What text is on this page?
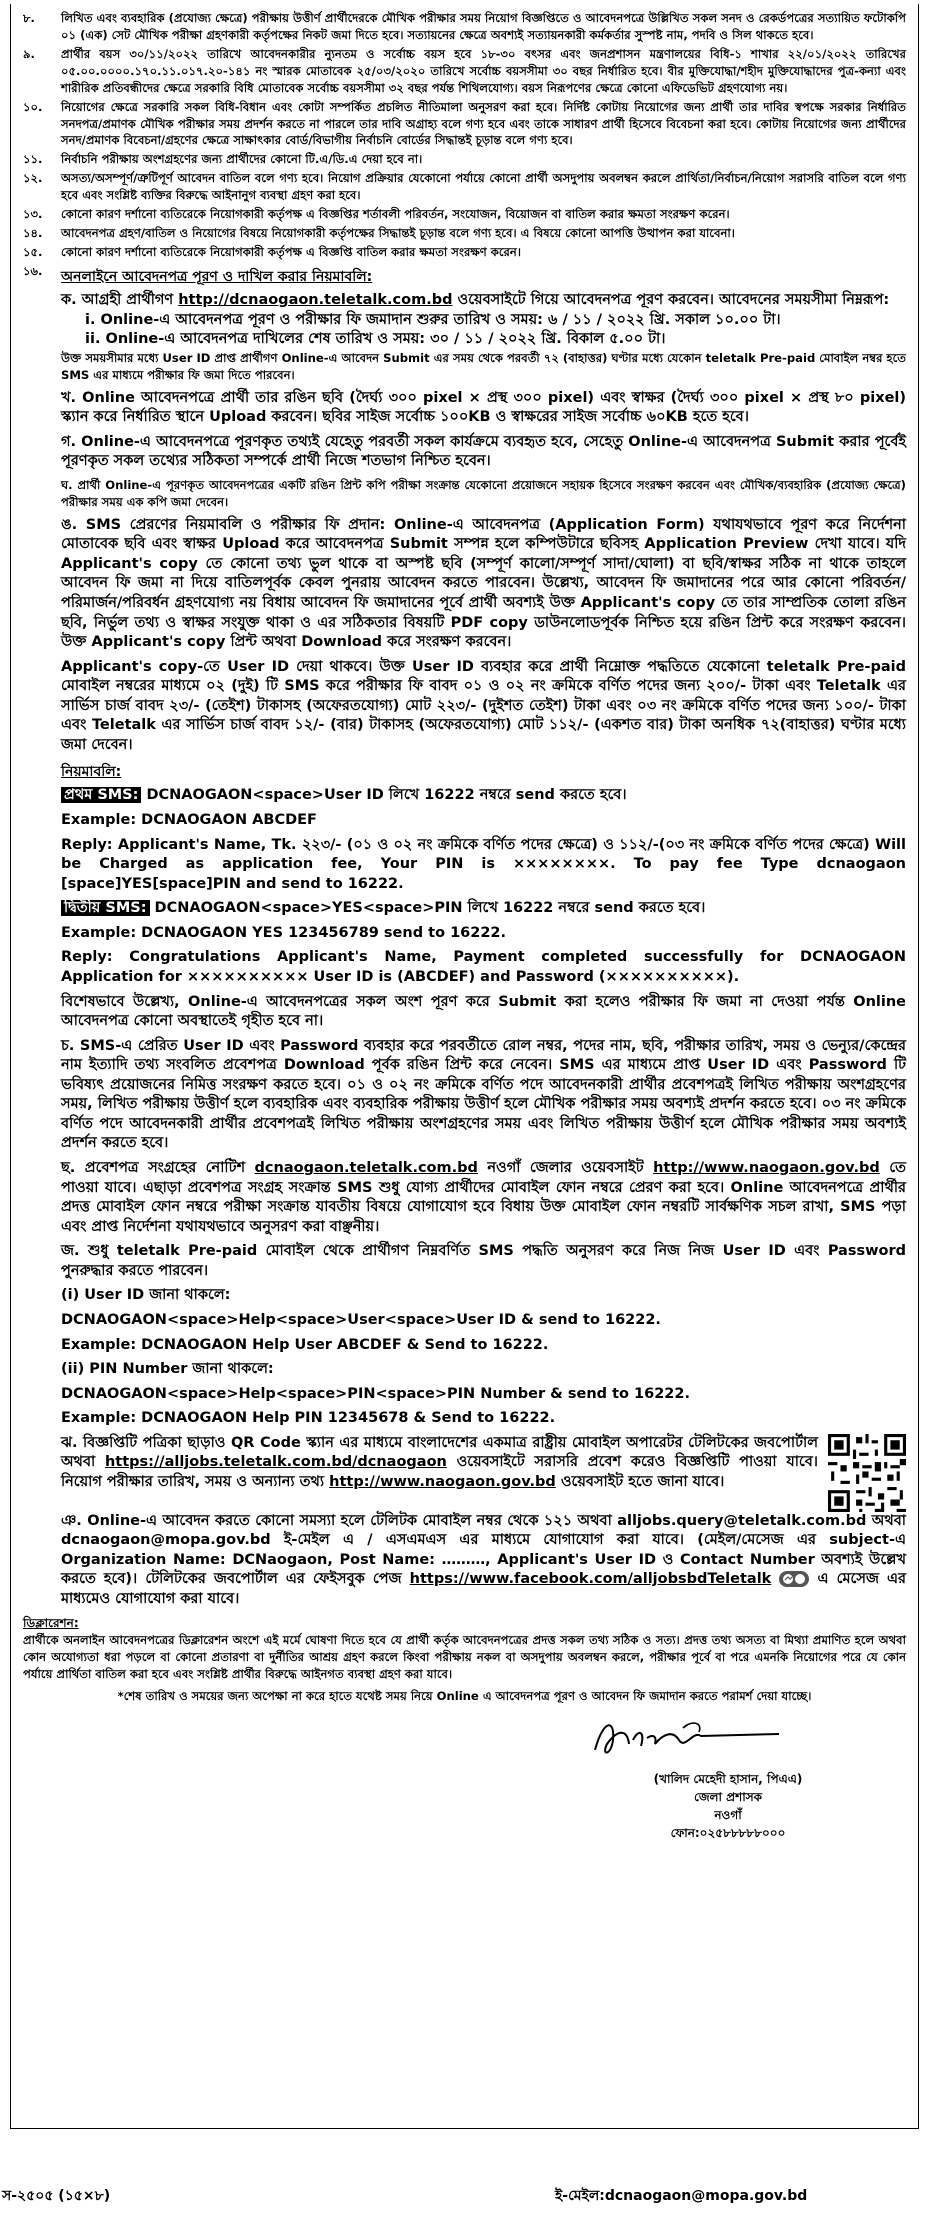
৮.	লিখিত এবং ব্যবহারিক (প্রযোজ্য ক্ষেত্রে) পরীক্ষায় উত্তীর্ণ প্রার্থীদেরকে মৌখিক পরীক্ষার সময় নিয়োগ বিজ্ঞপ্তিতে ও আবেদনপত্রে উল্লিখিত সকল সনদ ও রেকর্ডপত্রের সত্যায়িত ফটোকপি ০১ (এক) সেট মৌখিক পরীক্ষা গ্রহণকারী কর্তৃপক্ষের নিকট জমা দিতে হবে। সত্যায়নের ক্ষেত্রে অবশ্যই সত্যায়নকারী কর্মকর্তার সুস্পষ্ট নাম, পদবি ও সিল থাকতে হবে।
৯.	প্রার্থীর বয়স ৩০/১১/২০২২ তারিখে আবেদনকারীর ন্যুনতম ও সর্বোচ্চ বয়স হবে ১৮-৩০ বৎসর এবং জনপ্রশাসন মন্ত্রণালয়ের বিধি-১ শাখার ২২/০১/২০২২ তারিখের ০৫.০০.০০০০.১৭০.১১.০১৭.২০-১৪১ নং স্মারক মোতাবেক ২৫/০৩/২০২০ তারিখে সর্বোচ্চ বয়সসীমা ৩০ বছর নির্ধারিত হবে। বীর মুক্তিযোদ্ধা/শহীদ মুক্তিযোদ্ধাদের পুত্র-কন্যা এবং শারীরিক প্রতিবন্ধীদের ক্ষেত্রে সরকারি বিধি মোতাবেক সর্বোচ্চ বয়সসীমা ৩২ বছর পর্যন্ত শিথিলযোগ্য। বয়স নিরূপণের ক্ষেত্রে কোনো এফিডেভিট গ্রহণযোগ্য নয়।
১০.	নিয়োগের ক্ষেত্রে সরকারি সকল বিধি-বিধান এবং কোটা সম্পর্কিত প্রচলিত নীতিমালা অনুসরণ করা হবে। নির্দিষ্ট কোটায় নিয়োগের জন্য প্রার্থী তার দাবির স্বপক্ষে সরকার নির্ধারিত সনদপত্র/প্রমাণক মৌখিক পরীক্ষার সময় প্রদর্শন করতে না পারলে তার দাবি অগ্রাহ্য বলে গণ্য হবে এবং তাকে সাধারণ প্রার্থী হিসেবে বিবেচনা করা হবে। কোটায় নিয়োগের জন্য প্রার্থীদের সনদ/প্রমাণক বিবেচনা/গ্রহণের ক্ষেত্রে সাক্ষাৎকার বোর্ড/বিভাগীয় নির্বাচনি বোর্ডের সিদ্ধান্তই চূড়ান্ত বলে গণ্য হবে।
১১.	নির্বাচনি পরীক্ষায় অংশগ্রহণের জন্য প্রার্থীদের কোনো টি.এ/ডি.এ দেয়া হবে না।
১২.	অসত্য/অসম্পূর্ণ/ত্রুটিপূর্ণ আবেদন বাতিল বলে গণ্য হবে। নিয়োগ প্রক্রিয়ার যেকোনো পর্যায়ে কোনো প্রার্থী অসদুপায় অবলম্বন করলে প্রার্থিতা/নির্বাচন/নিয়োগ সরাসরি বাতিল বলে গণ্য হবে এবং সংশ্লিষ্ট ব্যক্তির বিরুদ্ধে আইনানুগ ব্যবস্থা গ্রহণ করা হবে।
১৩.	কোনো কারণ দর্শানো ব্যতিরেকে নিয়োগকারী কর্তৃপক্ষ এ বিজ্ঞপ্তির শর্তাবলী পরিবর্তন, সংযোজন, বিয়োজন বা বাতিল করার ক্ষমতা সংরক্ষণ করেন।
১৪.	আবেদনপত্র গ্রহণ/বাতিল ও নিয়োগের বিষয়ে নিয়োগকারী কর্তৃপক্ষের সিদ্ধান্তই চূড়ান্ত বলে গণ্য হবে। এ বিষয়ে কোনো আপত্তি উত্থাপন করা যাবেনা।
১৫.	কোনো কারণ দর্শানো ব্যতিরেকে নিয়োগকারী কর্তৃপক্ষ এ বিজ্ঞপ্তি বাতিল করার ক্ষমতা সংরক্ষণ করেন।
১৬.	অনলাইনে আবেদনপত্র পূরণ ও দাখিল করার নিয়মাবলি:
ক. আগ্রহী প্রার্থীগণ http://dcnaogaon.teletalk.com.bd ওয়েবসাইটে গিয়ে আবেদনপত্র পূরণ করবেন। আবেদনের সময়সীমা নিম্নরূপ:
i. Online-এ আবেদনপত্র পূরণ ও পরীক্ষার ফি জমাদান শুরুর তারিখ ও সময়: ৬ / ১১ / ২০২২ খ্রি. সকাল ১০.০০ টা।
ii. Online-এ আবেদনপত্র দাখিলের শেষ তারিখ ও সময়: ৩০ / ১১ / ২০২২ খ্রি. বিকাল ৫.০০ টা।
উক্ত সময়সীমার মধ্যে User ID প্রাপ্ত প্রার্থীগণ Online-এ আবেদন Submit এর সময় থেকে পরবর্তী ৭২ (বাহাত্তর) ঘণ্টার মধ্যে যেকোন teletalk Pre-paid মোবাইল নম্বর হতে SMS এর মাধ্যমে পরীক্ষার ফি জমা দিতে পারবেন।
খ. Online আবেদনপত্রে প্রার্থী তার রঙিন ছবি (দৈর্ঘ্য ৩০০ pixel × প্রস্থ ৩০০ pixel) এবং স্বাক্ষর (দৈর্ঘ্য ৩০০ pixel × প্রস্থ ৮০ pixel) স্ক্যান করে নির্ধারিত স্থানে Upload করবেন। ছবির সাইজ সর্বোচ্চ ১০০KB ও স্বাক্ষরের সাইজ সর্বোচ্চ ৬০KB হতে হবে।
গ. Online-এ আবেদনপত্রে পূরণকৃত তথ্যই যেহেতু পরবর্তী সকল কার্যক্রমে ব্যবহৃত হবে, সেহেতু Online-এ আবেদনপত্র Submit করার পূর্বেই পূরণকৃত সকল তথ্যের সঠিকতা সম্পর্কে প্রার্থী নিজে শতভাগ নিশ্চিত হবেন।
ঘ. প্রার্থী Online-এ পূরণকৃত আবেদনপত্রের একটি রঙিন প্রিন্ট কপি পরীক্ষা সংক্রান্ত যেকোনো প্রয়োজনে সহায়ক হিসেবে সংরক্ষণ করবেন এবং মৌখিক/ব্যবহারিক (প্রযোজ্য ক্ষেত্রে) পরীক্ষার সময় এক কপি জমা দেবেন।
ঙ. SMS প্রেরণের নিয়মাবলি ও পরীক্ষার ফি প্রদান: Online-এ আবেদনপত্র (Application Form) যথাযথভাবে পূরণ করে নির্দেশনা মোতাবেক ছবি এবং স্বাক্ষর Upload করে আবেদনপত্র Submit সম্পন্ন হলে কম্পিউটারে ছবিসহ Application Preview দেখা যাবে। যদি Applicant's copy তে কোনো তথ্য ভুল থাকে বা অস্পষ্ট ছবি (সম্পূর্ণ কালো/সম্পূর্ণ সাদা/ঘোলা) বা ছবি/স্বাক্ষর সঠিক না থাকে তাহলে আবেদন ফি জমা না দিয়ে বাতিলপূর্বক কেবল পুনরায় আবেদন করতে পারবেন। উল্লেখ্য, আবেদন ফি জমাদানের পরে আর কোনো পরিবর্তন/পরিমার্জন/পরিবর্ধন গ্রহণযোগ্য নয় বিধায় আবেদন ফি জমাদানের পূর্বে প্রার্থী অবশ্যই উক্ত Applicant's copy তে তার সাম্প্রতিক তোলা রঙিন ছবি, নির্ভুল তথ্য ও স্বাক্ষর সংযুক্ত থাকা ও এর সঠিকতার বিষয়টি PDF copy ডাউনলোডপূর্বক নিশ্চিত হয়ে রঙিন প্রিন্ট করে সংরক্ষণ করবেন। উক্ত Applicant's copy প্রিন্ট অথবা Download করে সংরক্ষণ করবেন।
Applicant's copy-তে User ID দেয়া থাকবে। উক্ত User ID ব্যবহার করে প্রার্থী নিম্নোক্ত পদ্ধতিতে যেকোনো teletalk Pre-paid মোবাইল নম্বরের মাধ্যমে ০২ (দুই) টি SMS করে পরীক্ষার ফি বাবদ ০১ ও ০২ নং ক্রমিকে বর্ণিত পদের জন্য ২০০/- টাকা এবং Teletalk এর সার্ভিস চার্জ বাবদ ২৩/- (তেইশ) টাকাসহ (অফেরতযোগ্য) মোট ২২৩/- (দুইশত তেইশ) টাকা এবং ০৩ নং ক্রমিকে বর্ণিত পদের জন্য ১০০/- টাকা এবং Teletalk এর সার্ভিস চার্জ বাবদ ১২/- (বার) টাকাসহ (অফেরতযোগ্য) মোট ১১২/- (একশত বার) টাকা অনধিক ৭২(বাহাত্তর) ঘণ্টার মধ্যে জমা দেবেন।
নিয়মাবলি:
প্রথম SMS: DCNAOGAON<space>User ID লিখে 16222 নম্বরে send করতে হবে।
Example: DCNAOGAON ABCDEF
Reply: Applicant's Name, Tk. ২২৩/- (০১ ও ০২ নং ক্রমিকে বর্ণিত পদের ক্ষেত্রে) ও ১১২/-(০৩ নং ক্রমিকে বর্ণিত পদের ক্ষেত্রে) Will be Charged as application fee, Your PIN is ××××××××. To pay fee Type dcnaogaon [space]YES[space]PIN and send to 16222.
দ্বিতীয় SMS: DCNAOGAON<space>YES<space>PIN লিখে 16222 নম্বরে send করতে হবে।
Example: DCNAOGAON YES 123456789 send to 16222.
Reply: Congratulations Applicant's Name, Payment completed successfully for DCNAOGAON Application for ×××××××××× User ID is (ABCDEF) and Password (××××××××××).
বিশেষভাবে উল্লেখ্য, Online-এ আবেদনপত্রের সকল অংশ পূরণ করে Submit করা হলেও পরীক্ষার ফি জমা না দেওয়া পর্যন্ত Online আবেদনপত্র কোনো অবস্থাতেই গৃহীত হবে না।
চ. SMS-এ প্রেরিত User ID এবং Password ব্যবহার করে পরবর্তীতে রোল নম্বর, পদের নাম, ছবি, পরীক্ষার তারিখ, সময় ও ভেন্যুর/কেন্দ্রের নাম ইত্যাদি তথ্য সংবলিত প্রবেশপত্র Download পূর্বক রঙিন প্রিন্ট করে নেবেন। SMS এর মাধ্যমে প্রাপ্ত User ID এবং Password টি ভবিষ্যৎ প্রয়োজনের নিমিত্ত সংরক্ষণ করতে হবে। ০১ ও ০২ নং ক্রমিকে বর্ণিত পদে আবেদনকারী প্রার্থীর প্রবেশপত্রই লিখিত পরীক্ষায় অংশগ্রহণের সময়, লিখিত পরীক্ষায় উত্তীর্ণ হলে ব্যবহারিক এবং ব্যবহারিক পরীক্ষায় উত্তীর্ণ হলে মৌখিক পরীক্ষার সময় অবশ্যই প্রদর্শন করতে হবে। ০৩ নং ক্রমিকে বর্ণিত পদে আবেদনকারী প্রার্থীর প্রবেশপত্রই লিখিত পরীক্ষায় অংশগ্রহণের সময় এবং লিখিত পরীক্ষায় উত্তীর্ণ হলে মৌখিক পরীক্ষার সময় অবশ্যই প্রদর্শন করতে হবে।
ছ. প্রবেশপত্র সংগ্রহের নোটিশ dcnaogaon.teletalk.com.bd নওগাঁ জেলার ওয়েবসাইট http://www.naogaon.gov.bd তে পাওয়া যাবে। এছাড়া প্রবেশপত্র সংগ্রহ সংক্রান্ত SMS শুধু যোগ্য প্রার্থীদের মোবাইল ফোন নম্বরে প্রেরণ করা হবে। Online আবেদনপত্রে প্রার্থীর প্রদত্ত মোবাইল ফোন নম্বরে পরীক্ষা সংক্রান্ত যাবতীয় বিষয়ে যোগাযোগ হবে বিধায় উক্ত মোবাইল ফোন নম্বরটি সার্বক্ষণিক সচল রাখা, SMS পড়া এবং প্রাপ্ত নির্দেশনা যথাযথভাবে অনুসরণ করা বাঞ্ছনীয়।
জ. শুধু teletalk Pre-paid মোবাইল থেকে প্রার্থীগণ নিম্নবর্ণিত SMS পদ্ধতি অনুসরণ করে নিজ নিজ User ID এবং Password পুনরুদ্ধার করতে পারবেন।
(i) User ID জানা থাকলে:
DCNAOGAON<space>Help<space>User<space>User ID & send to 16222.
Example: DCNAOGAON Help User ABCDEF & Send to 16222.
(ii) PIN Number জানা থাকলে:
DCNAOGAON<space>Help<space>PIN<space>PIN Number & send to 16222.
Example: DCNAOGAON Help PIN 12345678 & Send to 16222.
ঝ. বিজ্ঞপ্তিটি পত্রিকা ছাড়াও QR Code স্ক্যান এর মাধ্যমে বাংলাদেশের একমাত্র রাষ্ট্রীয় মোবাইল অপারেটর টেলিটকের জবপোর্টাল অথবা https://alljobs.teletalk.com.bd/dcnaogaon ওয়েবসাইটে সরাসরি প্রবেশ করেও বিজ্ঞপ্তিটি পাওয়া যাবে। নিয়োগ পরীক্ষার তারিখ, সময় ও অন্যান্য তথ্য http://www.naogaon.gov.bd ওয়েবসাইট হতে জানা যাবে।
ঞ. Online-এ আবেদন করতে কোনো সমস্যা হলে টেলিটক মোবাইল নম্বর থেকে ১২১ অথবা alljobs.query@teletalk.com.bd অথবা dcnaogaon@mopa.gov.bd ই-মেইল এ / এসএমএস এর মাধ্যমে যোগাযোগ করা যাবে। (মেইল/মেসেজ এর subject-এ Organization Name: DCNaogaon, Post Name: ………, Applicant's User ID ও Contact Number অবশ্যই উল্লেখ করতে হবে)। টেলিটকের জবপোর্টাল এর ফেইসবুক পেজ https://www.facebook.com/alljobsbdTeletalk	এ মেসেজ এর মাধ্যমেও যোগাযোগ করা যাবে।
ডিক্লারেশন:
প্রার্থীকে অনলাইন আবেদনপত্রের ডিক্লারেশন অংশে এই মর্মে ঘোষণা দিতে হবে যে প্রার্থী কর্তৃক আবেদনপত্রের প্রদত্ত সকল তথ্য সঠিক ও সত্য। প্রদত্ত তথ্য অসত্য বা মিথ্যা প্রমাণিত হলে অথবা কোন অযোগ্যতা ধরা পড়লে বা কোনো প্রতারণা বা দুর্নীতির আশ্রয় গ্রহণ করলে কিংবা পরীক্ষায় নকল বা অসদুপায় অবলম্বন করলে, পরীক্ষার পূর্বে বা পরে এমনকি নিয়োগের পরে যে কোন পর্যায়ে প্রার্থিতা বাতিল করা হবে এবং সংশ্লিষ্ট প্রার্থীর বিরুদ্ধে আইনগত ব্যবস্থা গ্রহণ করা যাবে।
*শেষ তারিখ ও সময়ের জন্য অপেক্ষা না করে হাতে যথেষ্ট সময় নিয়ে Online এ আবেদনপত্র পূরণ ও আবেদন ফি জমাদান করতে পরামর্শ দেয়া যাচ্ছে।
(খালিদ মেহেদী হাসান, পিএএ)
জেলা প্রশাসক
নওগাঁ
ফোন:০২৫৮৮৮৮৮০০০
স-২৫০৫ (১৫×৮)	ই-মেইল:dcnaogaon@mopa.gov.bd
